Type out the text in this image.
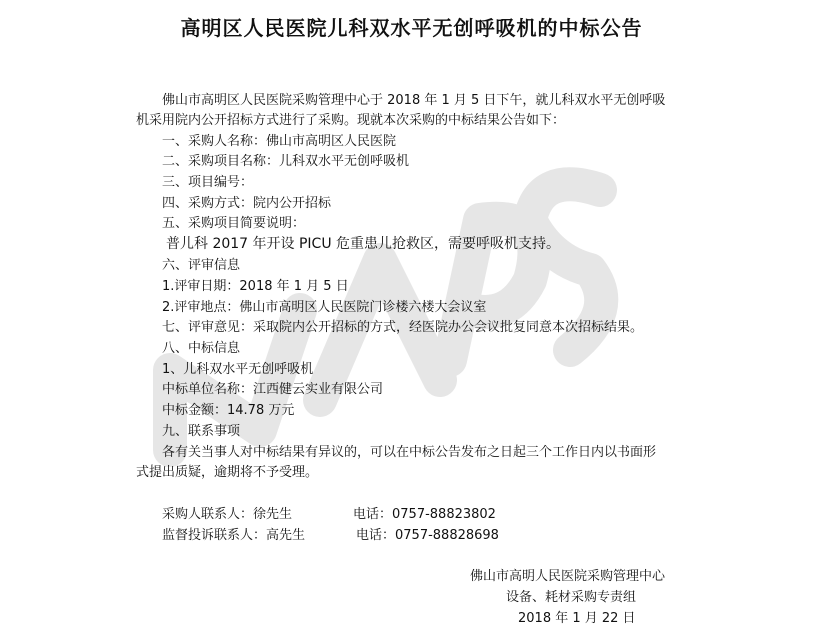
NAPS
高明区人民医院儿科双水平无创呼吸机的中标公告
佛山市高明区人民医院采购管理中心于 2018 年 1 月 5 日下午，就儿科双水平无创呼吸
机采用院内公开招标方式进行了采购。现就本次采购的中标结果公告如下：
一、采购人名称：佛山市高明区人民医院
二、采购项目名称：儿科双水平无创呼吸机
三、项目编号：
四、采购方式：院内公开招标
五、采购项目简要说明：
普儿科 2017 年开设 PICU 危重患儿抢救区，需要呼吸机支持。
六、评审信息
1.评审日期：2018 年 1 月 5 日
2.评审地点：佛山市高明区人民医院门诊楼六楼大会议室
七、评审意见：采取院内公开招标的方式，经医院办公会议批复同意本次招标结果。
八、中标信息
1、儿科双水平无创呼吸机
中标单位名称：江西健云实业有限公司
中标金额：14.78 万元
九、联系事项
各有关当事人对中标结果有异议的，可以在中标公告发布之日起三个工作日内以书面形
式提出质疑，逾期将不予受理。
采购人联系人：徐先生	电话：0757-88823802
监督投诉联系人：高先生	电话：0757-88828698
佛山市高明人民医院采购管理中心
设备、耗材采购专责组
2018 年 1 月 22 日
